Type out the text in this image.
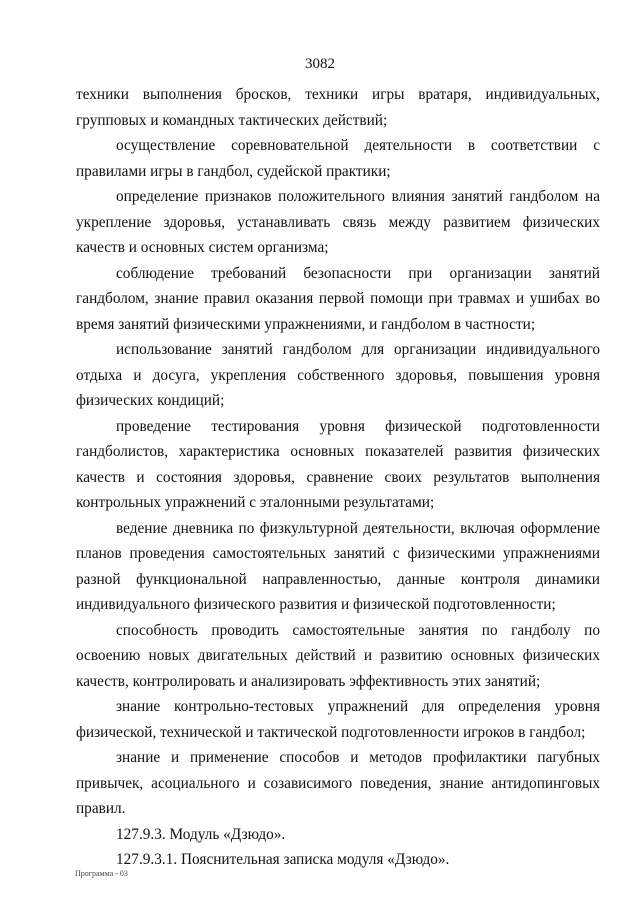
3082

техники выполнения бросков, техники игры вратаря, индивидуальных, групповых и командных тактических действий;

осуществление соревновательной деятельности в соответствии с правилами игры в гандбол, судейской практики;

определение признаков положительного влияния занятий гандболом на укрепление здоровья, устанавливать связь между развитием физических качеств и основных систем организма;

соблюдение требований безопасности при организации занятий гандболом, знание правил оказания первой помощи при травмах и ушибах во время занятий физическими упражнениями, и гандболом в частности;

использование занятий гандболом для организации индивидуального отдыха и досуга, укрепления собственного здоровья, повышения уровня физических кондиций;

проведение тестирования уровня физической подготовленности гандболистов, характеристика основных показателей развития физических качеств и состояния здоровья, сравнение своих результатов выполнения контрольных упражнений с эталонными результатами;

ведение дневника по физкультурной деятельности, включая оформление планов проведения самостоятельных занятий с физическими упражнениями разной функциональной направленностью, данные контроля динамики индивидуального физического развития и физической подготовленности;

способность проводить самостоятельные занятия по гандболу по освоению новых двигательных действий и развитию основных физических качеств, контролировать и анализировать эффективность этих занятий;

знание контрольно-тестовых упражнений для определения уровня физической, технической и тактической подготовленности игроков в гандбол;

знание и применение способов и методов профилактики пагубных привычек, асоциального и созависимого поведения, знание антидопинговых правил.

127.9.3. Модуль «Дзюдо».

127.9.3.1. Пояснительная записка модуля «Дзюдо».

Программа - 03
